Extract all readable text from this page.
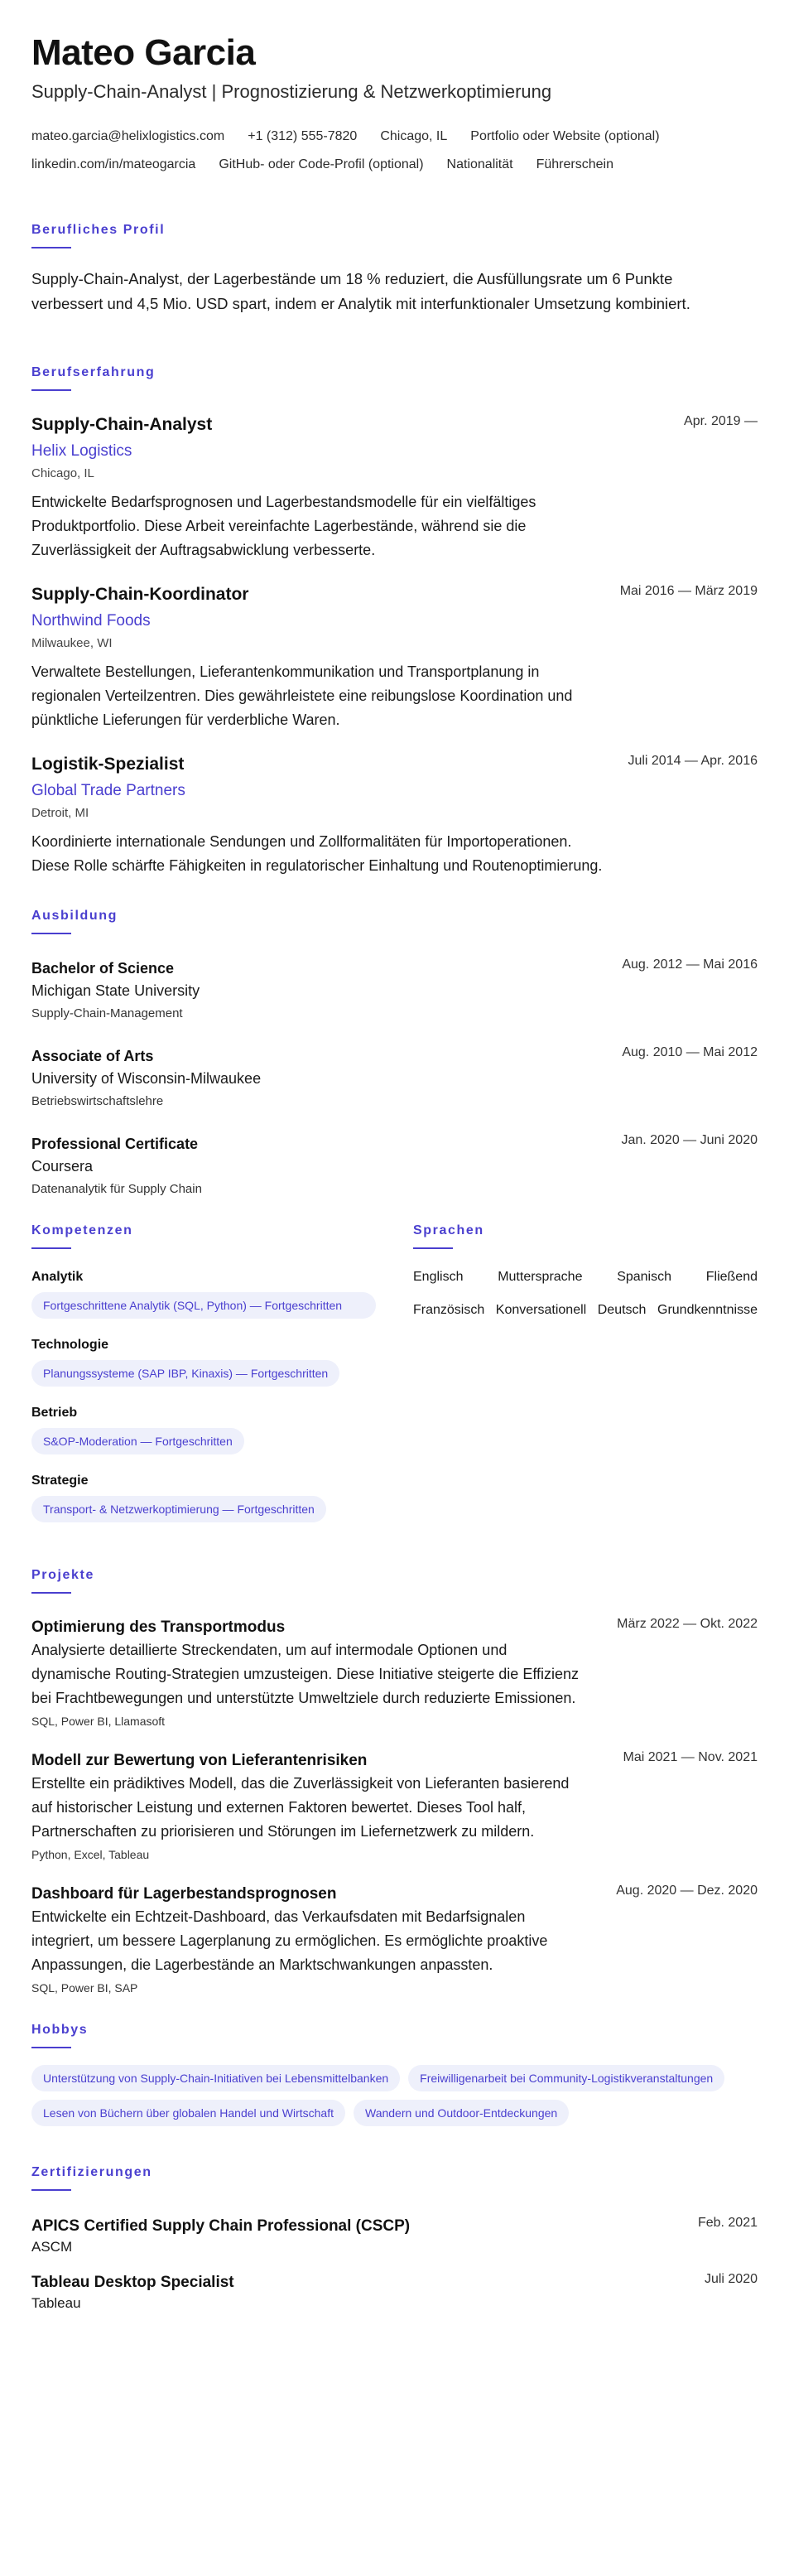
Mateo Garcia
Supply-Chain-Analyst | Prognostizierung & Netzwerkoptimierung
mateo.garcia@helixlogistics.com +1 (312) 555-7820 Chicago, IL Portfolio oder Website (optional)
linkedin.com/in/mateogarcia GitHub- oder Code-Profil (optional) Nationalität Führerschein
Berufliches Profil

Supply-Chain-Analyst, der Lagerbestände um 18 % reduziert, die Ausfüllungsrate um 6 Punkte verbessert und 4,5 Mio. USD spart, indem er Analytik mit interfunktionaler Umsetzung kombiniert.

Berufserfahrung
Supply-Chain-Analyst
Helix Logistics
Chicago, IL
Apr. 2019 —

Entwickelte Bedarfsprognosen und Lagerbestandsmodelle für ein vielfältiges Produktportfolio. Diese Arbeit vereinfachte Lagerbestände, während sie die Zuverlässigkeit der Auftragsabwicklung verbesserte.

Supply-Chain-Koordinator
Northwind Foods
Milwaukee, WI
Mai 2016 — März 2019

Verwaltete Bestellungen, Lieferantenkommunikation und Transportplanung in regionalen Verteilzentren. Dies gewährleistete eine reibungslose Koordination und pünktliche Lieferungen für verderbliche Waren.

Logistik-Spezialist
Global Trade Partners
Detroit, MI
Juli 2014 — Apr. 2016

Koordinierte internationale Sendungen und Zollformalitäten für Importoperationen. Diese Rolle schärfte Fähigkeiten in regulatorischer Einhaltung und Routenoptimierung.

Ausbildung
Bachelor of Science
Michigan State University
Supply-Chain-Management
Aug. 2012 — Mai 2016
Associate of Arts
University of Wisconsin-Milwaukee
Betriebswirtschaftslehre
Aug. 2010 — Mai 2012
Professional Certificate
Coursera
Datenanalytik für Supply Chain
Jan. 2020 — Juni 2020
Kompetenzen
Analytik
Fortgeschrittene Analytik (SQL, Python) — Fortgeschritten
Technologie
Planungssysteme (SAP IBP, Kinaxis) — Fortgeschritten
Betrieb
S&OP-Moderation — Fortgeschritten
Strategie
Transport- & Netzwerkoptimierung — Fortgeschritten
Sprachen
Englisch	Muttersprache	Spanisch	Fließend
Französisch Konversationell Deutsch Grundkenntnisse
Projekte
Optimierung des Transportmodus	März 2022 — Okt. 2022

Analysierte detaillierte Streckendaten, um auf intermodale Optionen und dynamische Routing-Strategien umzusteigen. Diese Initiative steigerte die Effizienz bei Frachtbewegungen und unterstützte Umweltziele durch reduzierte Emissionen.

SQL, Power BI, Llamasoft
Modell zur Bewertung von Lieferantenrisiken	Mai 2021 — Nov. 2021

Erstellte ein prädiktives Modell, das die Zuverlässigkeit von Lieferanten basierend auf historischer Leistung und externen Faktoren bewertet. Dieses Tool half, Partnerschaften zu priorisieren und Störungen im Liefernetzwerk zu mildern.

Python, Excel, Tableau
Dashboard für Lagerbestandsprognosen	Aug. 2020 — Dez. 2020

Entwickelte ein Echtzeit-Dashboard, das Verkaufsdaten mit Bedarfsignalen integriert, um bessere Lagerplanung zu ermöglichen. Es ermöglichte proaktive Anpassungen, die Lagerbestände an Marktschwankungen anpassten.

SQL, Power BI, SAP
Hobbys
Unterstützung von Supply-Chain-Initiativen bei Lebensmittelbanken	Freiwilligenarbeit bei Community-Logistikveranstaltungen
Lesen von Büchern über globalen Handel und Wirtschaft	Wandern und Outdoor-Entdeckungen
Zertifizierungen
APICS Certified Supply Chain Professional (CSCP)
ASCM
Feb. 2021
Tableau Desktop Specialist
Tableau
Juli 2020
